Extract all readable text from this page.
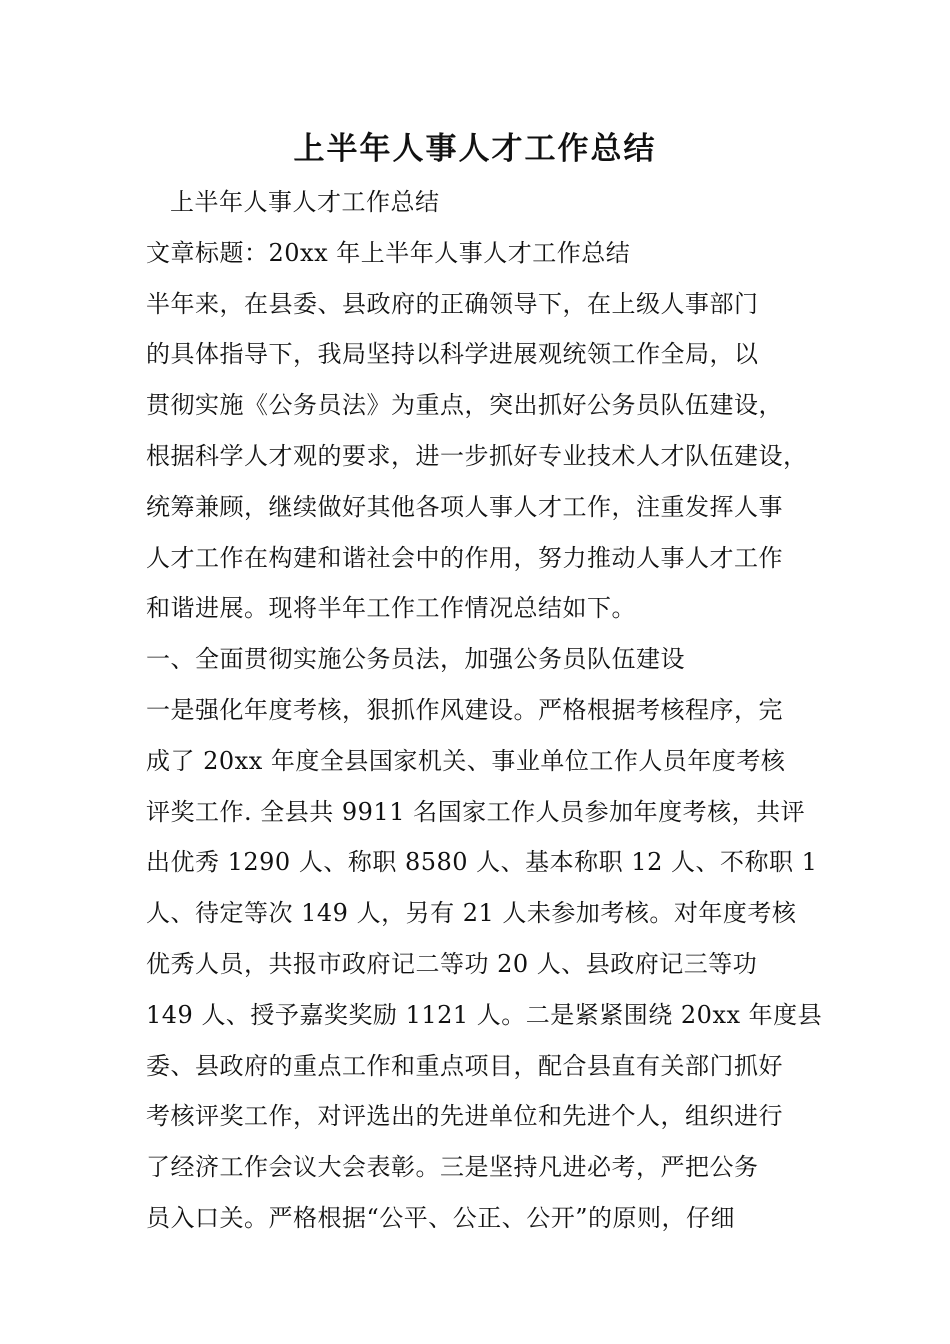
上半年人事人才工作总结
上半年人事人才工作总结
文章标题：20xx 年上半年人事人才工作总结
半年来，在县委、县政府的正确领导下，在上级人事部门
的具体指导下，我局坚持以科学进展观统领工作全局，以
贯彻实施《公务员法》为重点，突出抓好公务员队伍建设，
根据科学人才观的要求，进一步抓好专业技术人才队伍建设，
统筹兼顾，继续做好其他各项人事人才工作，注重发挥人事
人才工作在构建和谐社会中的作用，努力推动人事人才工作
和谐进展。现将半年工作工作情况总结如下。
一、全面贯彻实施公务员法，加强公务员队伍建设
一是强化年度考核，狠抓作风建设。严格根据考核程序，完
成了 20xx 年度全县国家机关、事业单位工作人员年度考核
评奖工作. 全县共 9911 名国家工作人员参加年度考核，共评
出优秀 1290 人、称职 8580 人、基本称职 12 人、不称职 1
人、待定等次 149 人，另有 21 人未参加考核。对年度考核
优秀人员，共报市政府记二等功 20 人、县政府记三等功
149 人、授予嘉奖奖励 1121 人。二是紧紧围绕 20xx 年度县
委、县政府的重点工作和重点项目，配合县直有关部门抓好
考核评奖工作，对评选出的先进单位和先进个人，组织进行
了经济工作会议大会表彰。三是坚持凡进必考，严把公务
员入口关。严格根据“公平、公正、公开”的原则，仔细
